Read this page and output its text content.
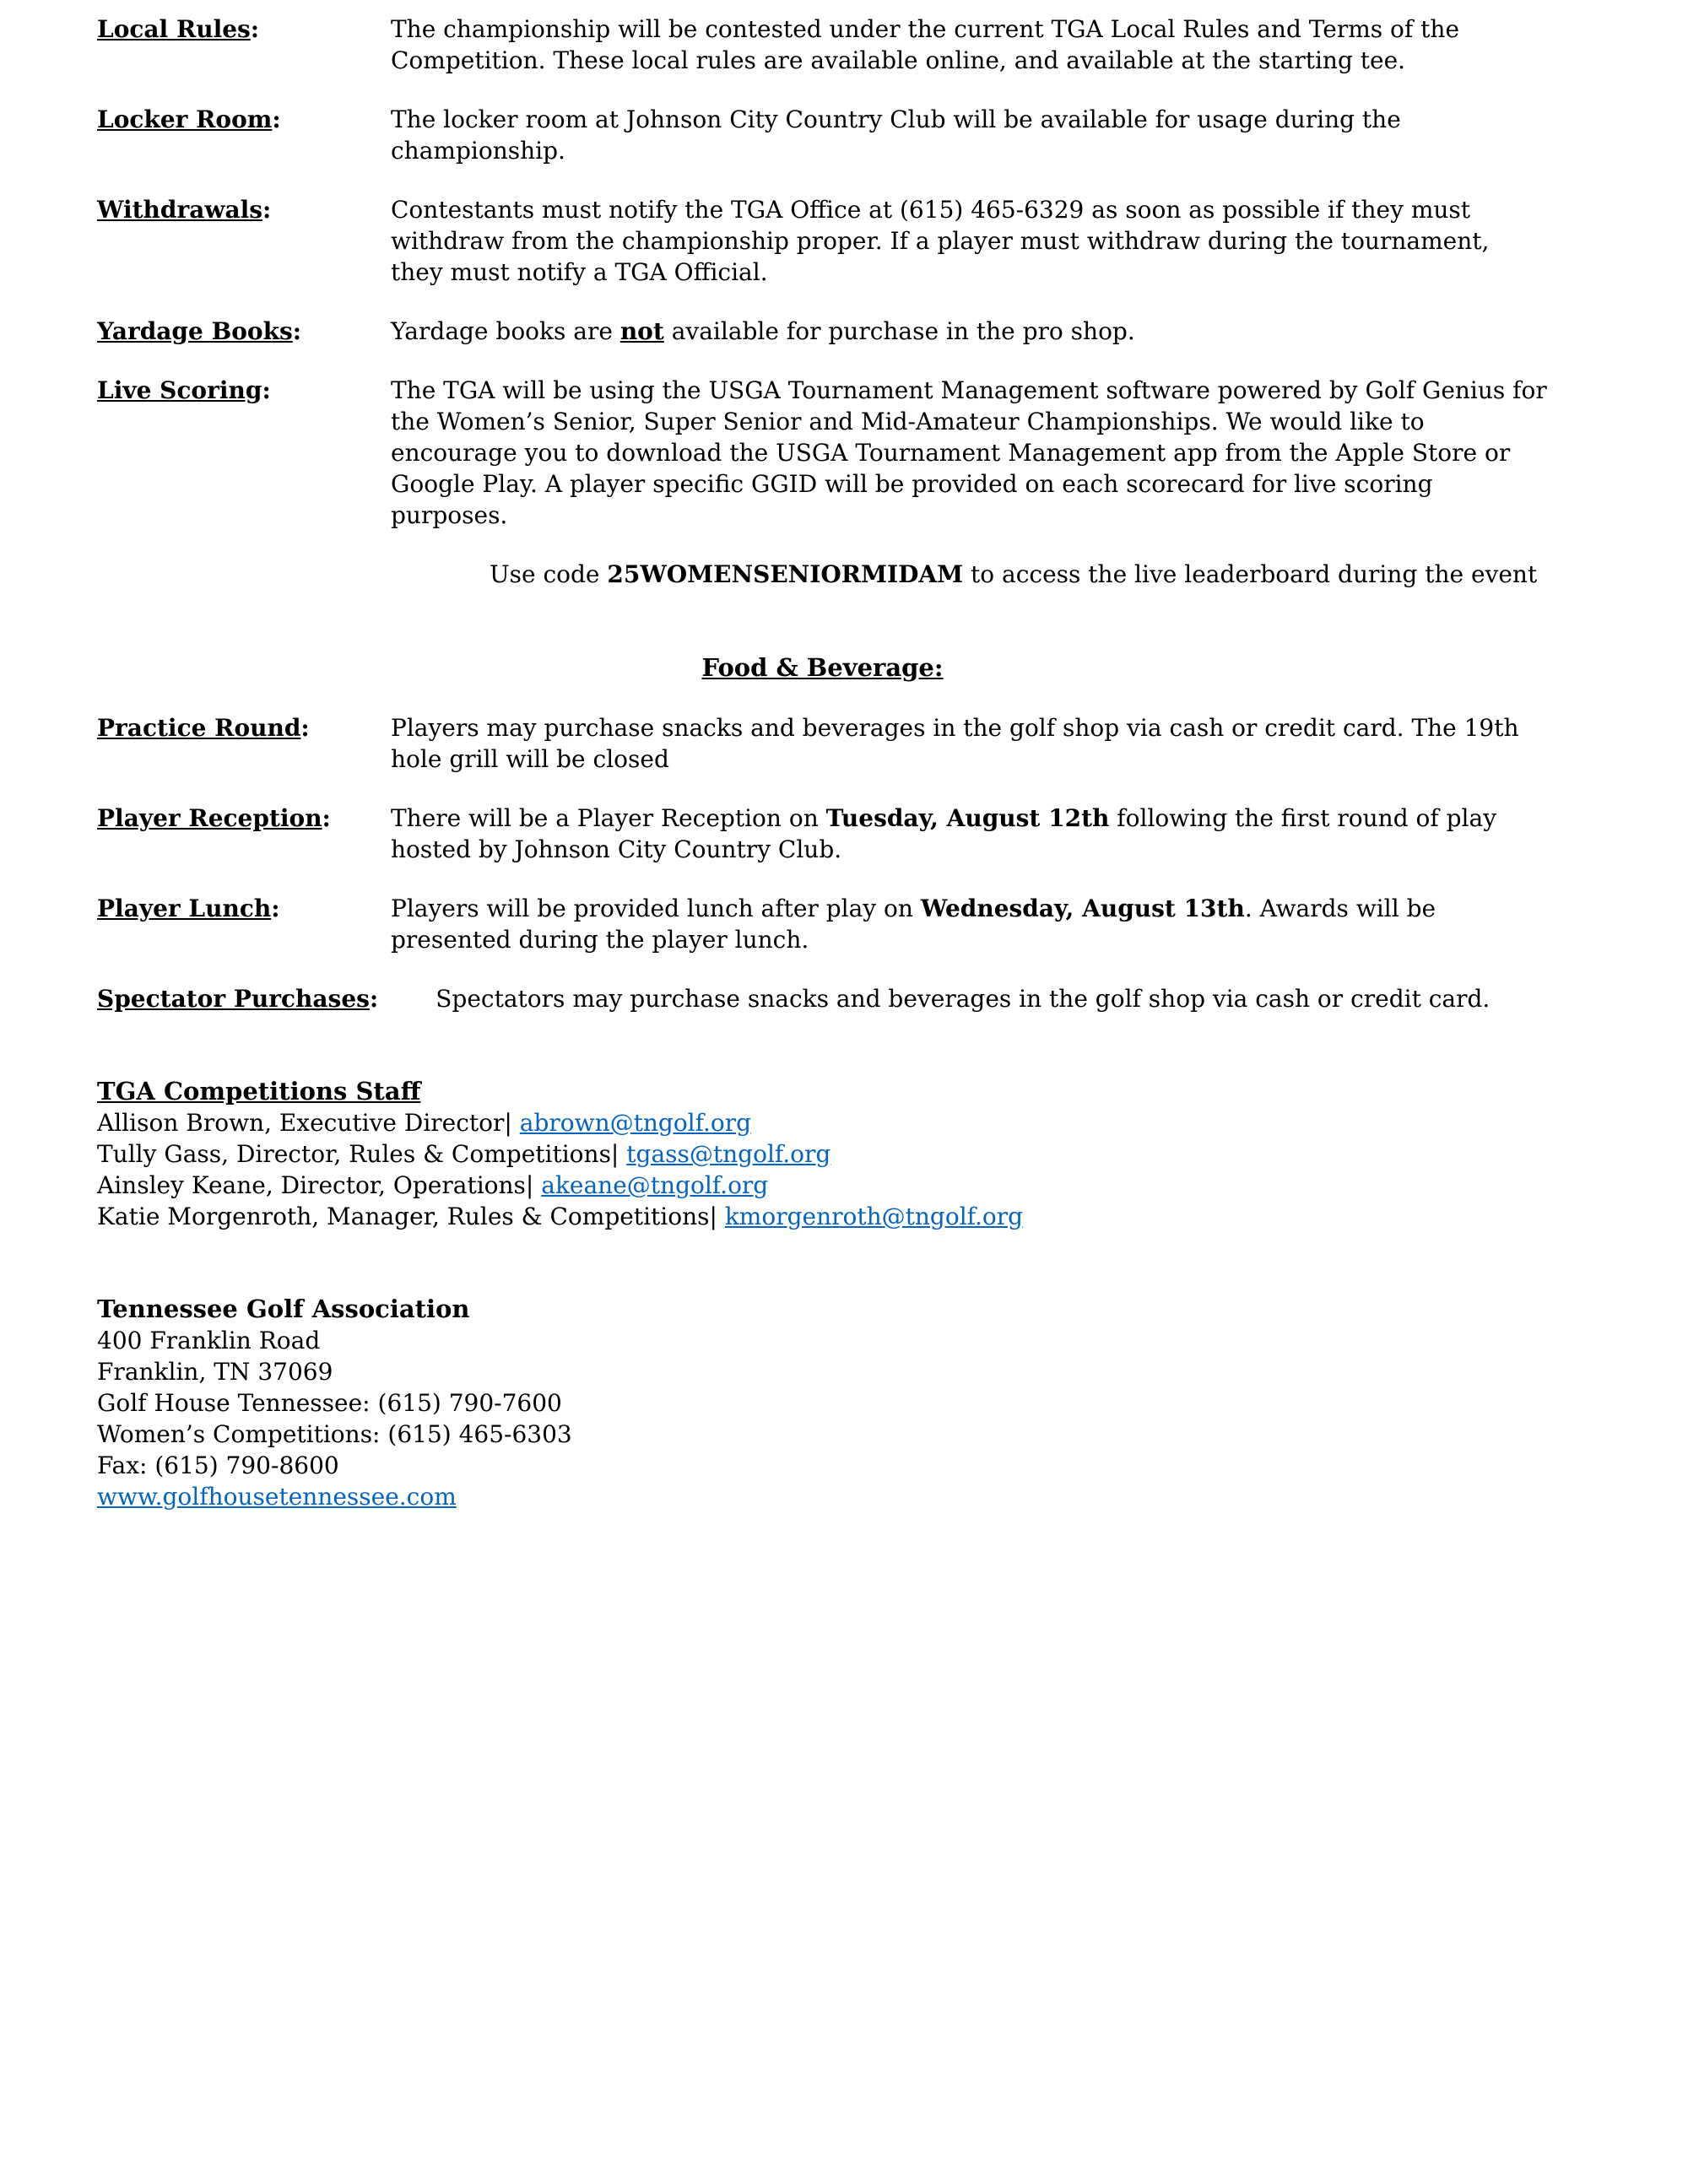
Local Rules:	The championship will be contested under the current TGA Local Rules and Terms of the Competition. These local rules are available online, and available at the starting tee.
Locker Room:	The locker room at Johnson City Country Club will be available for usage during the championship.
Withdrawals:	Contestants must notify the TGA Office at (615) 465-6329 as soon as possible if they must withdraw from the championship proper. If a player must withdraw during the tournament, they must notify a TGA Official.
Yardage Books:	Yardage books are not available for purchase in the pro shop.
Live Scoring:	The TGA will be using the USGA Tournament Management software powered by Golf Genius for the Women’s Senior, Super Senior and Mid-Amateur Championships. We would like to encourage you to download the USGA Tournament Management app from the Apple Store or Google Play. A player specific GGID will be provided on each scorecard for live scoring purposes.

Use code 25WOMENSENIORMIDAM to access the live leaderboard during the event

Food & Beverage:
Practice Round:	Players may purchase snacks and beverages in the golf shop via cash or credit card. The 19th hole grill will be closed
Player Reception:	There will be a Player Reception on Tuesday, August 12th following the first round of play hosted by Johnson City Country Club.
Player Lunch:	Players will be provided lunch after play on Wednesday, August 13th. Awards will be presented during the player lunch.
Spectator Purchases: Spectators may purchase snacks and beverages in the golf shop via cash or credit card.
TGA Competitions Staff

Allison Brown, Executive Director| abrown@tngolf.org

Tully Gass, Director, Rules & Competitions| tgass@tngolf.org

Ainsley Keane, Director, Operations| akeane@tngolf.org

Katie Morgenroth, Manager, Rules & Competitions| kmorgenroth@tngolf.org

Tennessee Golf Association

400 Franklin Road

Franklin, TN 37069

Golf House Tennessee: (615) 790-7600

Women’s Competitions: (615) 465-6303

Fax: (615) 790-8600

www.golfhousetennessee.com
